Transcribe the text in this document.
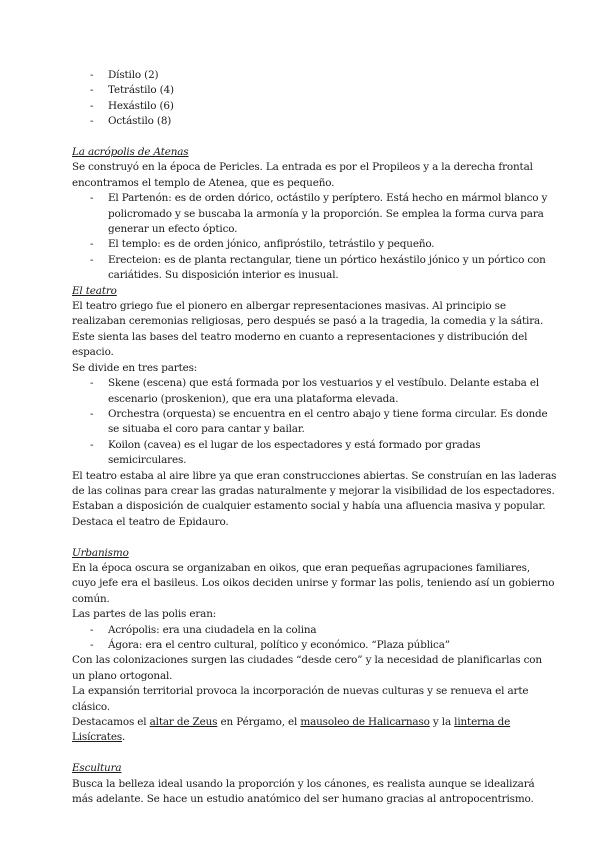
- Dístilo (2)
- Tetrástilo (4)
- Hexástilo (6)
- Octástilo (8)
La acrópolis de Atenas
Se construyó en la época de Pericles. La entrada es por el Propileos y a la derecha frontal
encontramos el templo de Atenea, que es pequeño.
- El Partenón: es de orden dórico, octástilo y períptero. Está hecho en mármol blanco y
policromado y se buscaba la armonía y la proporción. Se emplea la forma curva para
generar un efecto óptico.
- El templo: es de orden jónico, anfipróstilo, tetrástilo y pequeño.
- Erecteion: es de planta rectangular, tiene un pórtico hexástilo jónico y un pórtico con
cariátides. Su disposición interior es inusual.
El teatro
El teatro griego fue el pionero en albergar representaciones masivas. Al principio se
realizaban ceremonias religiosas, pero después se pasó a la tragedia, la comedia y la sátira.
Este sienta las bases del teatro moderno en cuanto a representaciones y distribución del
espacio.
Se divide en tres partes:
- Skene (escena) que está formada por los vestuarios y el vestíbulo. Delante estaba el
escenario (proskenion), que era una plataforma elevada.
- Orchestra (orquesta) se encuentra en el centro abajo y tiene forma circular. Es donde
se situaba el coro para cantar y bailar.
- Koilon (cavea) es el lugar de los espectadores y está formado por gradas
semicirculares.
El teatro estaba al aire libre ya que eran construcciones abiertas. Se construían en las laderas
de las colinas para crear las gradas naturalmente y mejorar la visibilidad de los espectadores.
Estaban a disposición de cualquier estamento social y había una afluencia masiva y popular.
Destaca el teatro de Epidauro.
Urbanismo
En la época oscura se organizaban en oikos, que eran pequeñas agrupaciones familiares,
cuyo jefe era el basileus. Los oikos deciden unirse y formar las polis, teniendo así un gobierno
común.
Las partes de las polis eran:
- Acrópolis: era una ciudadela en la colina
- Ágora: era el centro cultural, político y económico. “Plaza pública”
Con las colonizaciones surgen las ciudades “desde cero” y la necesidad de planificarlas con
un plano ortogonal.
La expansión territorial provoca la incorporación de nuevas culturas y se renueva el arte
clásico.
Destacamos el altar de Zeus en Pérgamo, el mausoleo de Halicarnaso y la linterna de
Lisícrates.
Escultura
Busca la belleza ideal usando la proporción y los cánones, es realista aunque se idealizará
más adelante. Se hace un estudio anatómico del ser humano gracias al antropocentrismo.
